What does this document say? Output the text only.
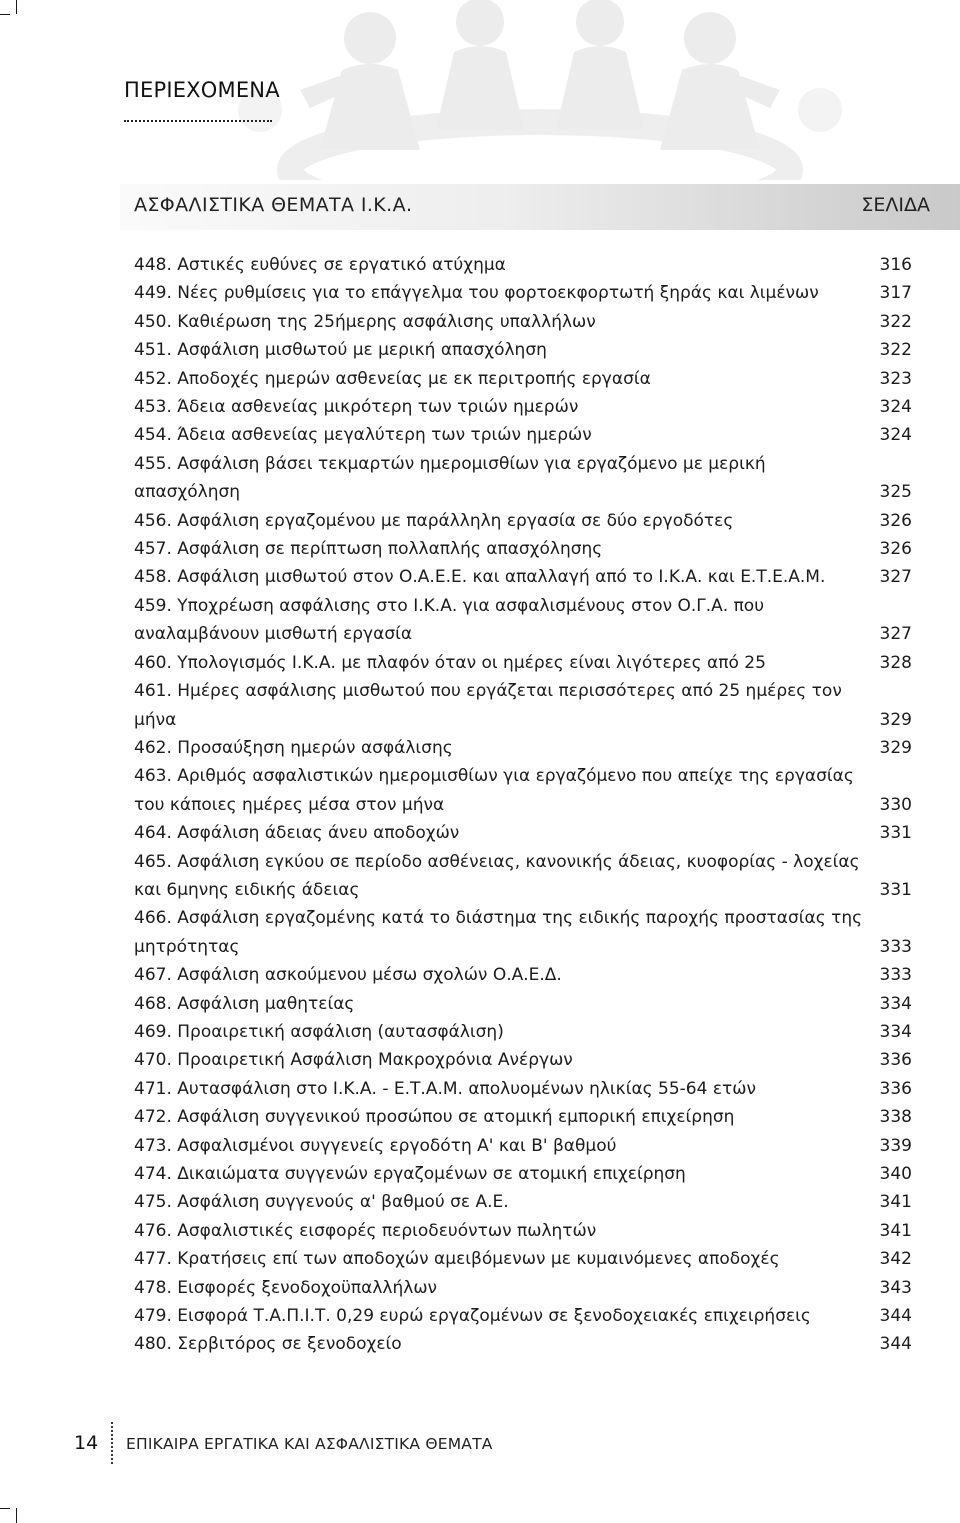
ΠΕΡΙΕΧΟΜΕΝΑ
ΑΣΦΑΛΙΣΤΙΚΑ ΘΕΜΑΤΑ Ι.Κ.Α.	ΣΕΛΙΔΑ
448. Αστικές ευθύνες σε εργατικό ατύχημα	316
449. Νέες ρυθμίσεις για το επάγγελμα του φορτοεκφορτωτή ξηράς και λιμένων	317
450. Καθιέρωση της 25ήμερης ασφάλισης υπαλλήλων	322
451. Ασφάλιση μισθωτού με μερική απασχόληση	322
452. Αποδοχές ημερών ασθενείας με εκ περιτροπής εργασία	323
453. Άδεια ασθενείας μικρότερη των τριών ημερών	324
454. Άδεια ασθενείας μεγαλύτερη των τριών ημερών	324
455. Ασφάλιση βάσει τεκμαρτών ημερομισθίων για εργαζόμενο με μερική
απασχόληση	325
456. Ασφάλιση εργαζομένου με παράλληλη εργασία σε δύο εργοδότες	326
457. Ασφάλιση σε περίπτωση πολλαπλής απασχόλησης	326
458. Ασφάλιση μισθωτού στον Ο.Α.Ε.Ε. και απαλλαγή από το Ι.Κ.Α. και Ε.Τ.Ε.Α.Μ.	327
459. Υποχρέωση ασφάλισης στο Ι.Κ.Α. για ασφαλισμένους στον Ο.Γ.Α. που
αναλαμβάνουν μισθωτή εργασία	327
460. Υπολογισμός Ι.Κ.Α. με πλαφόν όταν οι ημέρες είναι λιγότερες από 25	328
461. Ημέρες ασφάλισης μισθωτού που εργάζεται περισσότερες από 25 ημέρες τον
μήνα	329
462. Προσαύξηση ημερών ασφάλισης	329
463. Αριθμός ασφαλιστικών ημερομισθίων για εργαζόμενο που απείχε της εργασίας
του κάποιες ημέρες μέσα στον μήνα	330
464. Ασφάλιση άδειας άνευ αποδοχών	331
465. Ασφάλιση εγκύου σε περίοδο ασθένειας, κανονικής άδειας, κυοφορίας - λοχείας
και 6μηνης ειδικής άδειας	331
466. Ασφάλιση εργαζομένης κατά το διάστημα της ειδικής παροχής προστασίας της
μητρότητας	333
467. Ασφάλιση ασκούμενου μέσω σχολών Ο.Α.Ε.Δ.	333
468. Ασφάλιση μαθητείας	334
469. Προαιρετική ασφάλιση (αυτασφάλιση)	334
470. Προαιρετική Ασφάλιση Μακροχρόνια Ανέργων	336
471. Αυτασφάλιση στο Ι.Κ.Α. - Ε.Τ.Α.Μ. απολυομένων ηλικίας 55-64 ετών	336
472. Ασφάλιση συγγενικού προσώπου σε ατομική εμπορική επιχείρηση	338
473. Ασφαλισμένοι συγγενείς εργοδότη Α' και Β' βαθμού	339
474. Δικαιώματα συγγενών εργαζομένων σε ατομική επιχείρηση	340
475. Ασφάλιση συγγενούς α' βαθμού σε Α.Ε.	341
476. Ασφαλιστικές εισφορές περιοδευόντων πωλητών	341
477. Κρατήσεις επί των αποδοχών αμειβόμενων με κυμαινόμενες αποδοχές	342
478. Εισφορές ξενοδοχοϋπαλλήλων	343
479. Εισφορά Τ.Α.Π.Ι.Τ. 0,29 ευρώ εργαζομένων σε ξενοδοχειακές επιχειρήσεις	344
480. Σερβιτόρος σε ξενοδοχείο	344
14 ΕΠΙΚΑΙΡΑ ΕΡΓΑΤΙΚΑ ΚΑΙ ΑΣΦΑΛΙΣΤΙΚΑ ΘΕΜΑΤΑ
